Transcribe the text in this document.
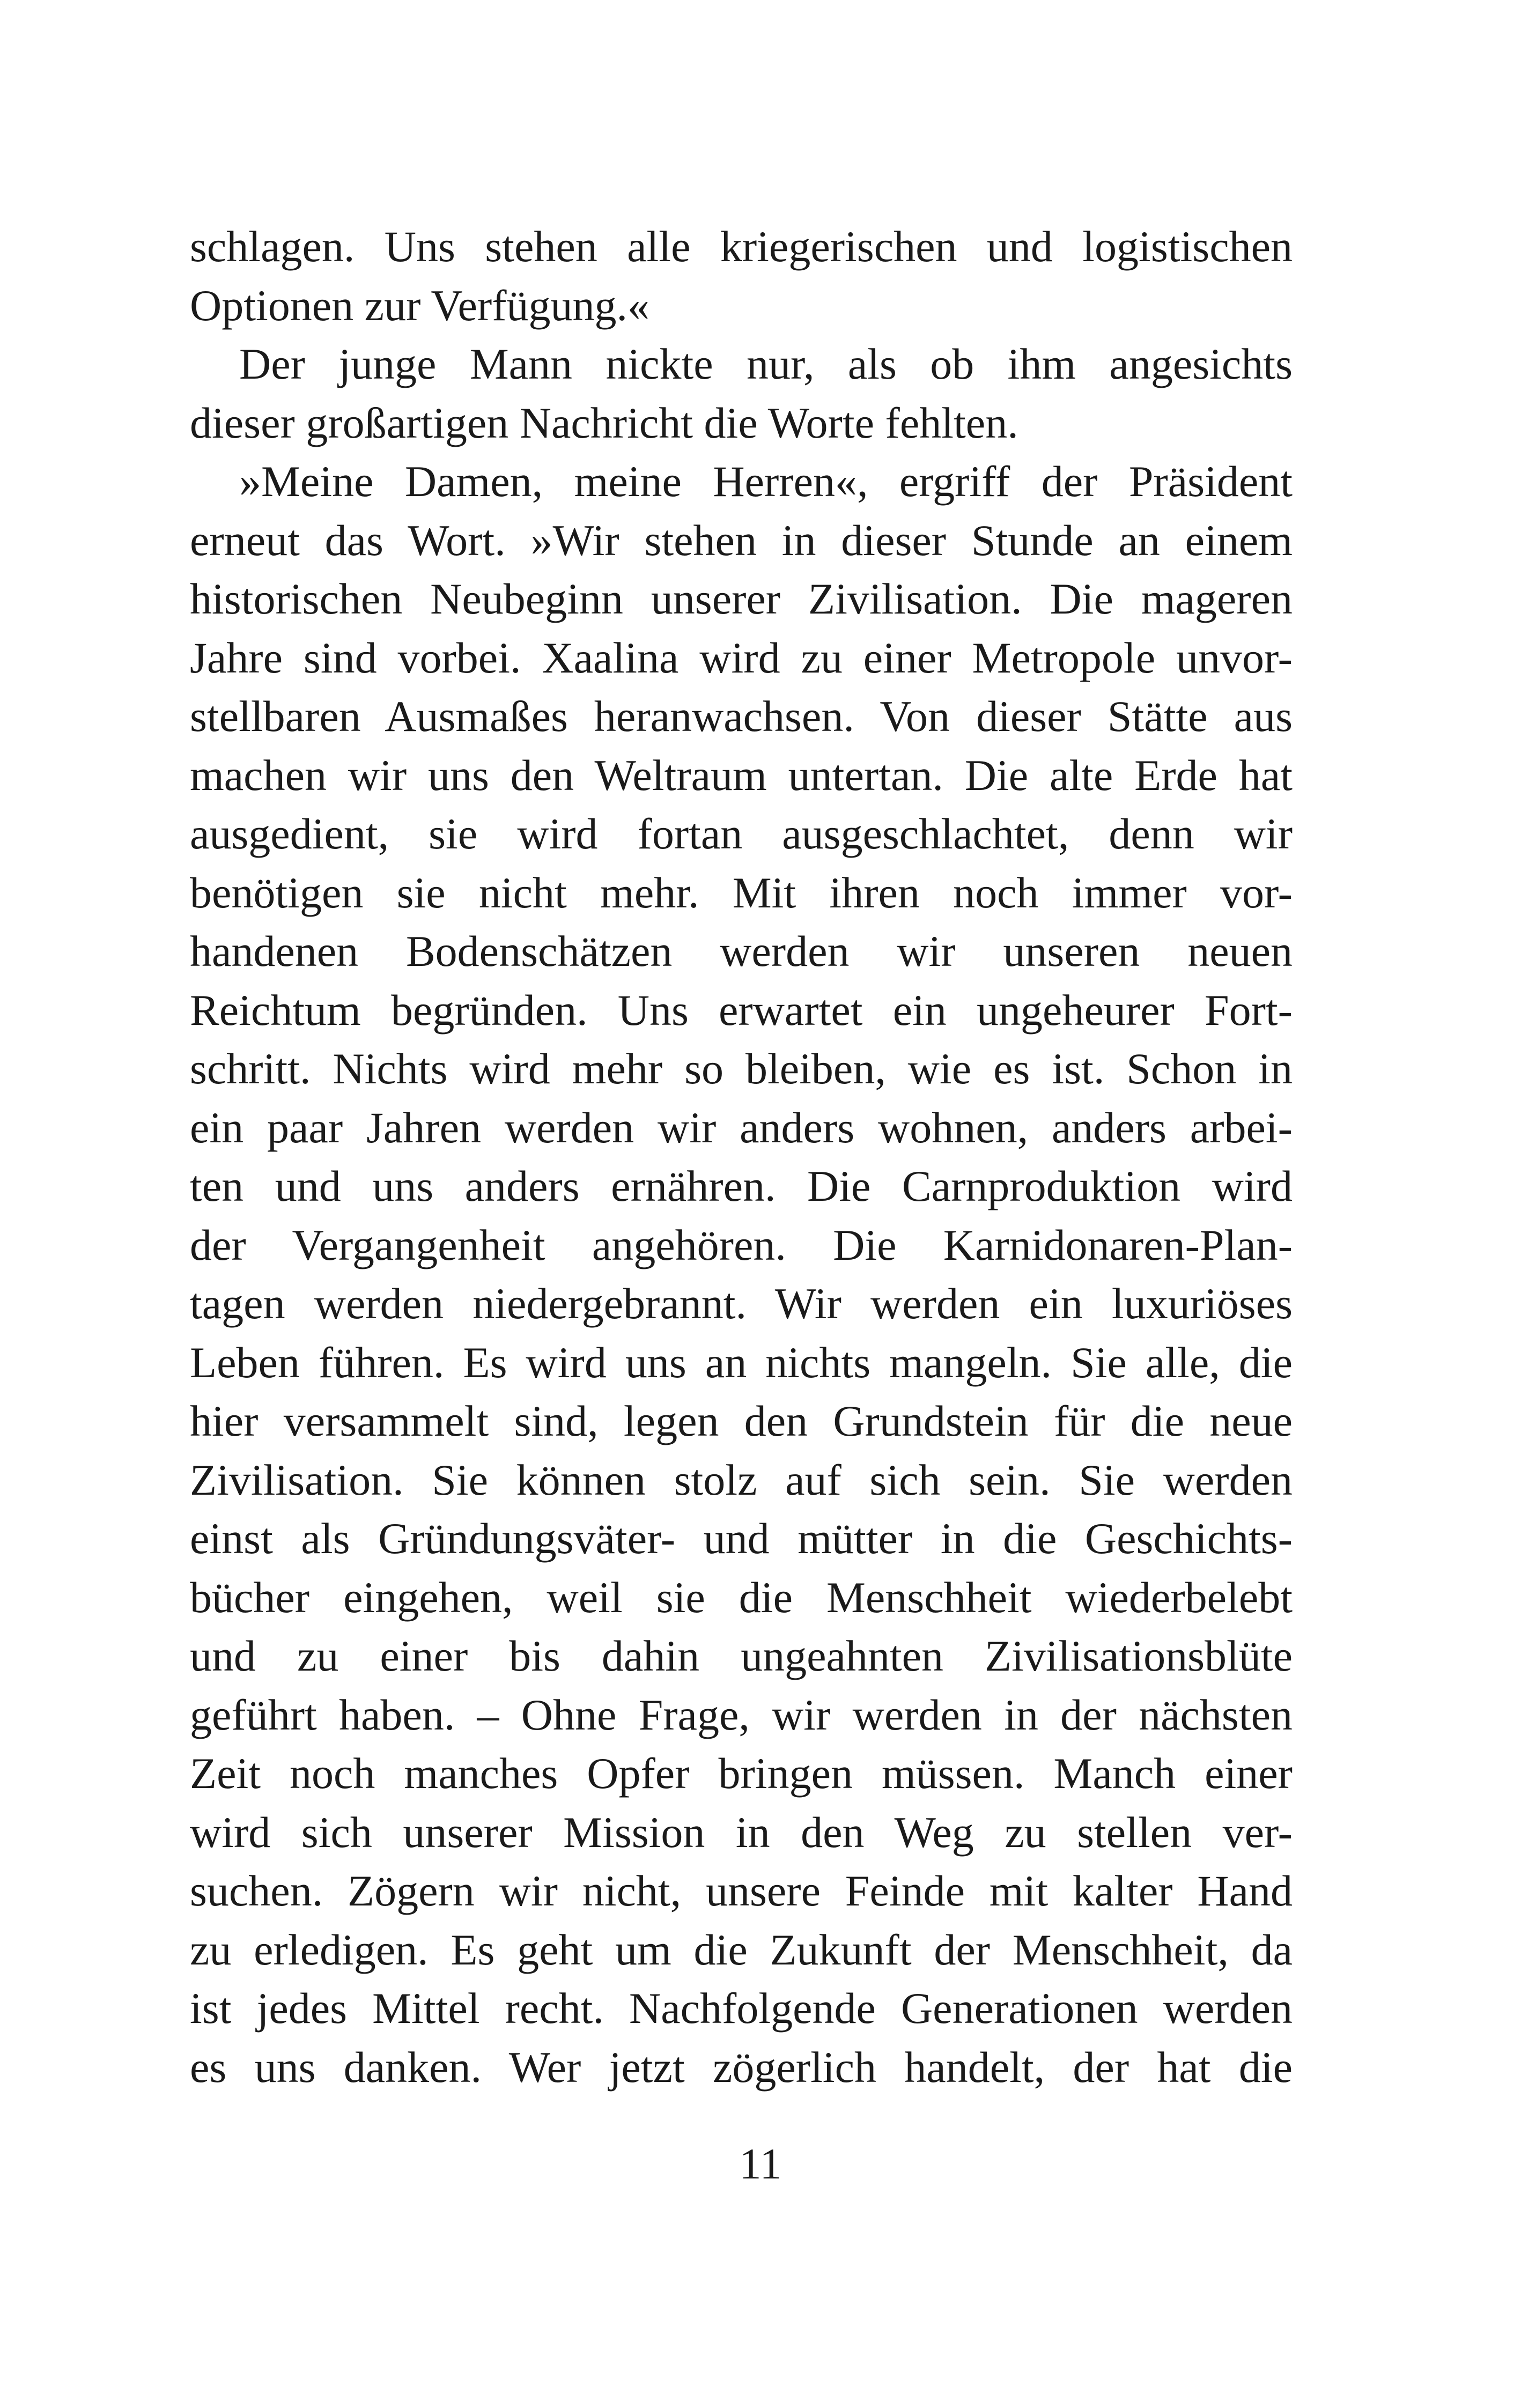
schlagen. Uns stehen alle kriegerischen und logistischen
Optionen zur Verfügung.«
Der junge Mann nickte nur, als ob ihm angesichts
dieser großartigen Nachricht die Worte fehlten.
»Meine Damen, meine Herren«, ergriff der Präsident
erneut das Wort. »Wir stehen in dieser Stunde an einem
historischen Neubeginn unserer Zivilisation. Die mageren
Jahre sind vorbei. Xaalina wird zu einer Metropole unvor-
stellbaren Ausmaßes heranwachsen. Von dieser Stätte aus
machen wir uns den Weltraum untertan. Die alte Erde hat
ausgedient, sie wird fortan ausgeschlachtet, denn wir
benötigen sie nicht mehr. Mit ihren noch immer vor-
handenen Bodenschätzen werden wir unseren neuen
Reichtum begründen. Uns erwartet ein ungeheurer Fort-
schritt. Nichts wird mehr so bleiben, wie es ist. Schon in
ein paar Jahren werden wir anders wohnen, anders arbei-
ten und uns anders ernähren. Die Carnproduktion wird
der Vergangenheit angehören. Die Karnidonaren-Plan-
tagen werden niedergebrannt. Wir werden ein luxuriöses
Leben führen. Es wird uns an nichts mangeln. Sie alle, die
hier versammelt sind, legen den Grundstein für die neue
Zivilisation. Sie können stolz auf sich sein. Sie werden
einst als Gründungsväter- und mütter in die Geschichts-
bücher eingehen, weil sie die Menschheit wiederbelebt
und zu einer bis dahin ungeahnten Zivilisationsblüte
geführt haben. – Ohne Frage, wir werden in der nächsten
Zeit noch manches Opfer bringen müssen. Manch einer
wird sich unserer Mission in den Weg zu stellen ver-
suchen. Zögern wir nicht, unsere Feinde mit kalter Hand
zu erledigen. Es geht um die Zukunft der Menschheit, da
ist jedes Mittel recht. Nachfolgende Generationen werden
es uns danken. Wer jetzt zögerlich handelt, der hat die
11
